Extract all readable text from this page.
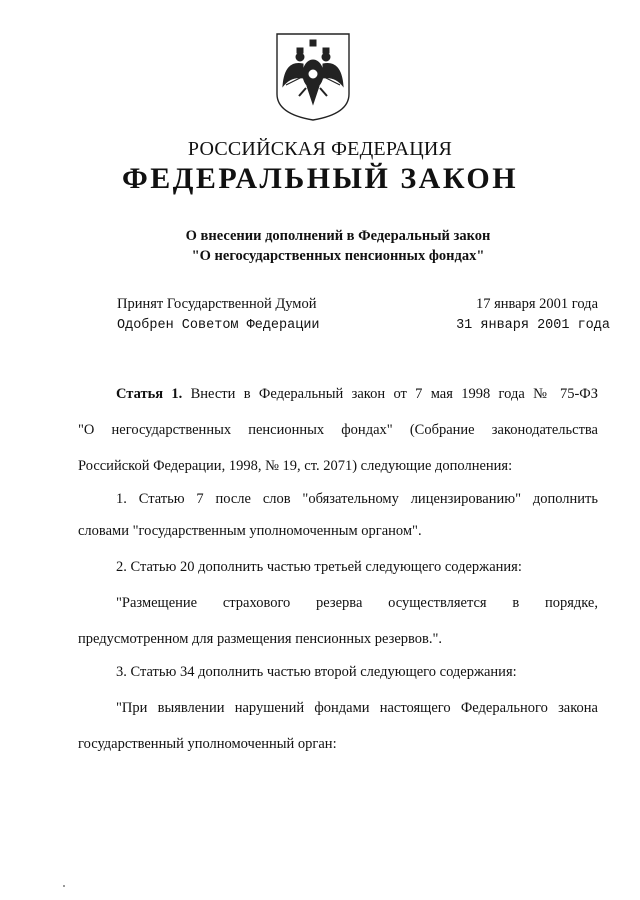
РОССИЙСКАЯ ФЕДЕРАЦИЯ
ФЕДЕРАЛЬНЫЙ ЗАКОН
О внесении дополнений в Федеральный закон
"О негосударственных пенсионных фондах"
Принят Государственной Думой	17 января 2001 года
Одобрен Советом Федерации	31 января 2001 года
Статья 1. Внести в Федеральный закон от 7 мая 1998 года № 75-ФЗ
"О негосударственных пенсионных фондах" (Собрание законодательства
Российской Федерации, 1998, № 19, ст. 2071) следующие дополнения:
1. Статью 7 после слов "обязательному лицензированию" дополнить
словами "государственным уполномоченным органом".
2. Статью 20 дополнить частью третьей следующего содержания:
"Размещение страхового резерва осуществляется в порядке,
предусмотренном для размещения пенсионных резервов.".
3. Статью 34 дополнить частью второй следующего содержания:
"При выявлении нарушений фондами настоящего Федерального закона
государственный уполномоченный орган:
